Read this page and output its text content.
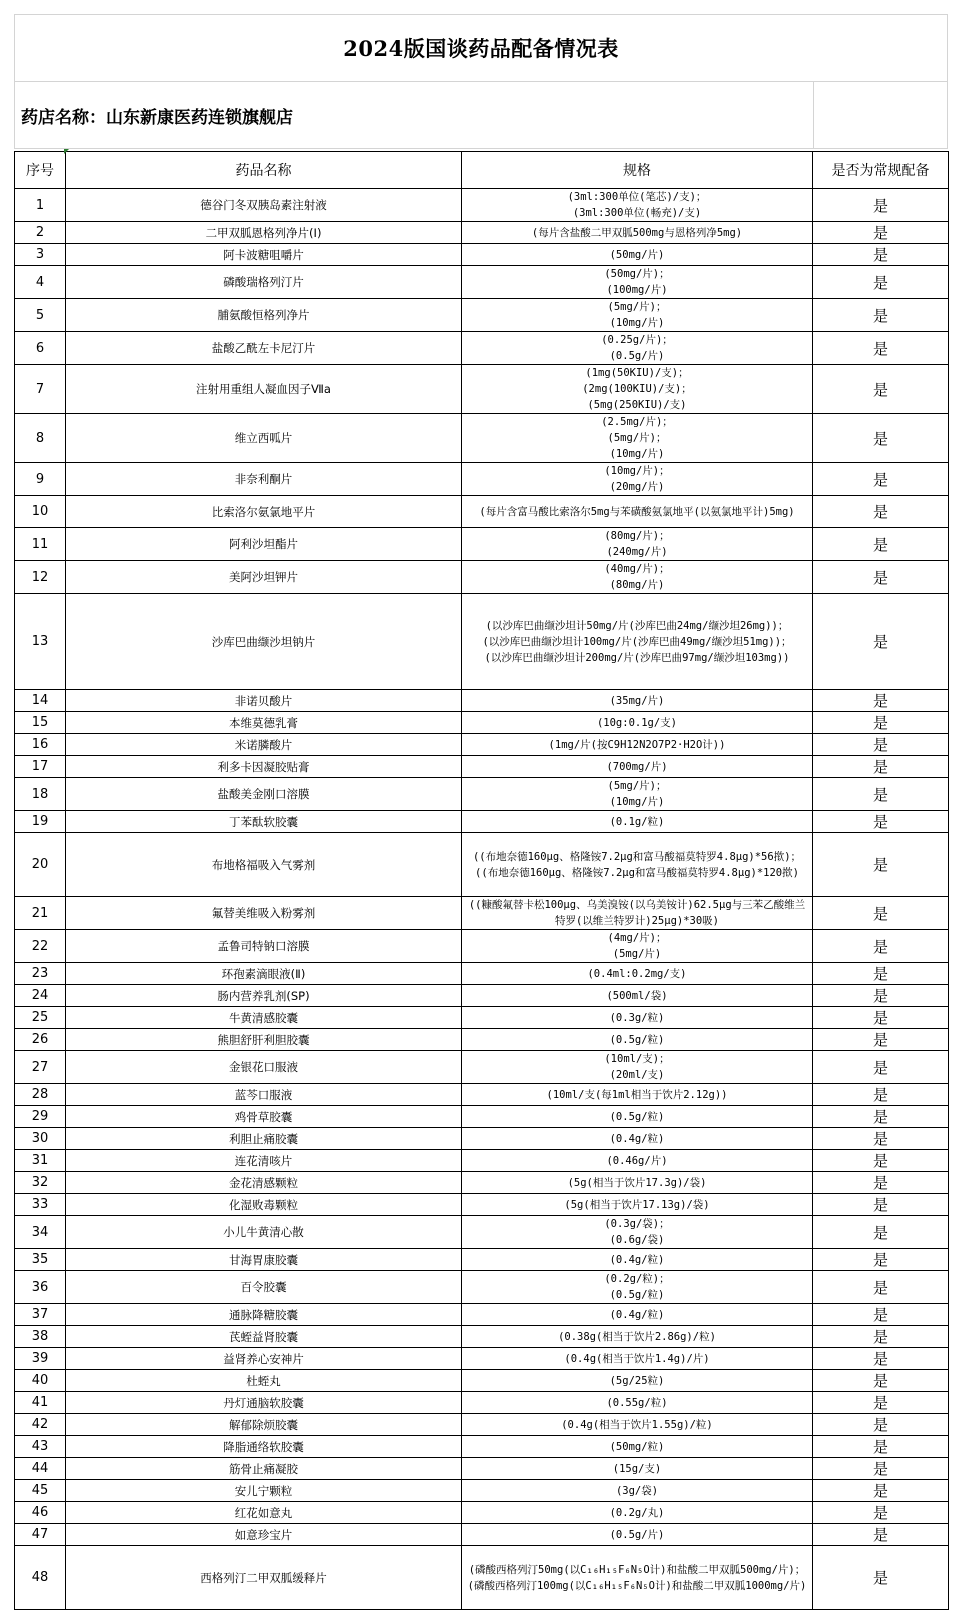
2024版国谈药品配备情况表
药店名称：山东新康医药连锁旗舰店
序号	药品名称	规格	是否为常规配备
1	德谷门冬双胰岛素注射液	(3ml:300单位(笔芯)/支)；
(3ml:300单位(畅充)/支)	是
2	二甲双胍恩格列净片(Ⅰ)	(每片含盐酸二甲双胍500mg与恩格列净5mg)	是
3	阿卡波糖咀嚼片	(50mg/片)	是
4	磷酸瑞格列汀片	(50mg/片)；
(100mg/片)	是
5	脯氨酸恒格列净片	(5mg/片)；
(10mg/片)	是
6	盐酸乙酰左卡尼汀片	(0.25g/片)；
(0.5g/片)	是
7	注射用重组人凝血因子Ⅶa	(1mg(50KIU)/支)；
(2mg(100KIU)/支)；
(5mg(250KIU)/支)	是
8	维立西呱片	(2.5mg/片)；
(5mg/片)；
(10mg/片)	是
9	非奈利酮片	(10mg/片)；
(20mg/片)	是
10	比索洛尔氨氯地平片	(每片含富马酸比索洛尔5mg与苯磺酸氨氯地平(以氨氯地平计)5mg)	是
11	阿利沙坦酯片	(80mg/片)；
(240mg/片)	是
12	美阿沙坦钾片	(40mg/片)；
(80mg/片)	是
13	沙库巴曲缬沙坦钠片	(以沙库巴曲缬沙坦计50mg/片(沙库巴曲24mg/缬沙坦26mg))；
(以沙库巴曲缬沙坦计100mg/片(沙库巴曲49mg/缬沙坦51mg))；
(以沙库巴曲缬沙坦计200mg/片(沙库巴曲97mg/缬沙坦103mg))	是
14	非诺贝酸片	(35mg/片)	是
15	本维莫德乳膏	(10g:0.1g/支)	是
16	米诺膦酸片	(1mg/片(按C9H12N2O7P2·H2O计))	是
17	利多卡因凝胶贴膏	(700mg/片)	是
18	盐酸美金刚口溶膜	(5mg/片)；
(10mg/片)	是
19	丁苯酞软胶囊	(0.1g/粒)	是
20	布地格福吸入气雾剂	((布地奈德160μg、格隆铵7.2μg和富马酸福莫特罗4.8μg)*56揿)；
((布地奈德160μg、格隆铵7.2μg和富马酸福莫特罗4.8μg)*120揿)	是
21	氟替美维吸入粉雾剂	((糠酸氟替卡松100μg、乌美溴铵(以乌美铵计)62.5μg与三苯乙酸维兰特罗(以维兰特罗计)25μg)*30吸)	是
22	孟鲁司特钠口溶膜	(4mg/片)；
(5mg/片)	是
23	环孢素滴眼液(Ⅱ)	(0.4ml:0.2mg/支)	是
24	肠内营养乳剂(SP)	(500ml/袋)	是
25	牛黄清感胶囊	(0.3g/粒)	是
26	熊胆舒肝利胆胶囊	(0.5g/粒)	是
27	金银花口服液	(10ml/支)；
(20ml/支)	是
28	蓝芩口服液	(10ml/支(每1ml相当于饮片2.12g))	是
29	鸡骨草胶囊	(0.5g/粒)	是
30	利胆止痛胶囊	(0.4g/粒)	是
31	连花清咳片	(0.46g/片)	是
32	金花清感颗粒	(5g(相当于饮片17.3g)/袋)	是
33	化湿败毒颗粒	(5g(相当于饮片17.13g)/袋)	是
34	小儿牛黄清心散	(0.3g/袋)；
(0.6g/袋)	是
35	甘海胃康胶囊	(0.4g/粒)	是
36	百令胶囊	(0.2g/粒)；
(0.5g/粒)	是
37	通脉降糖胶囊	(0.4g/粒)	是
38	芪蛭益肾胶囊	(0.38g(相当于饮片2.86g)/粒)	是
39	益肾养心安神片	(0.4g(相当于饮片1.4g)/片)	是
40	杜蛭丸	(5g/25粒)	是
41	丹灯通脑软胶囊	(0.55g/粒)	是
42	解郁除烦胶囊	(0.4g(相当于饮片1.55g)/粒)	是
43	降脂通络软胶囊	(50mg/粒)	是
44	筋骨止痛凝胶	(15g/支)	是
45	安儿宁颗粒	(3g/袋)	是
46	红花如意丸	(0.2g/丸)	是
47	如意珍宝片	(0.5g/片)	是
48	西格列汀二甲双胍缓释片	(磷酸西格列汀50mg(以C₁₆H₁₅F₆N₅O计)和盐酸二甲双胍500mg/片)；
(磷酸西格列汀100mg(以C₁₆H₁₅F₆N₅O计)和盐酸二甲双胍1000mg/片)	是
